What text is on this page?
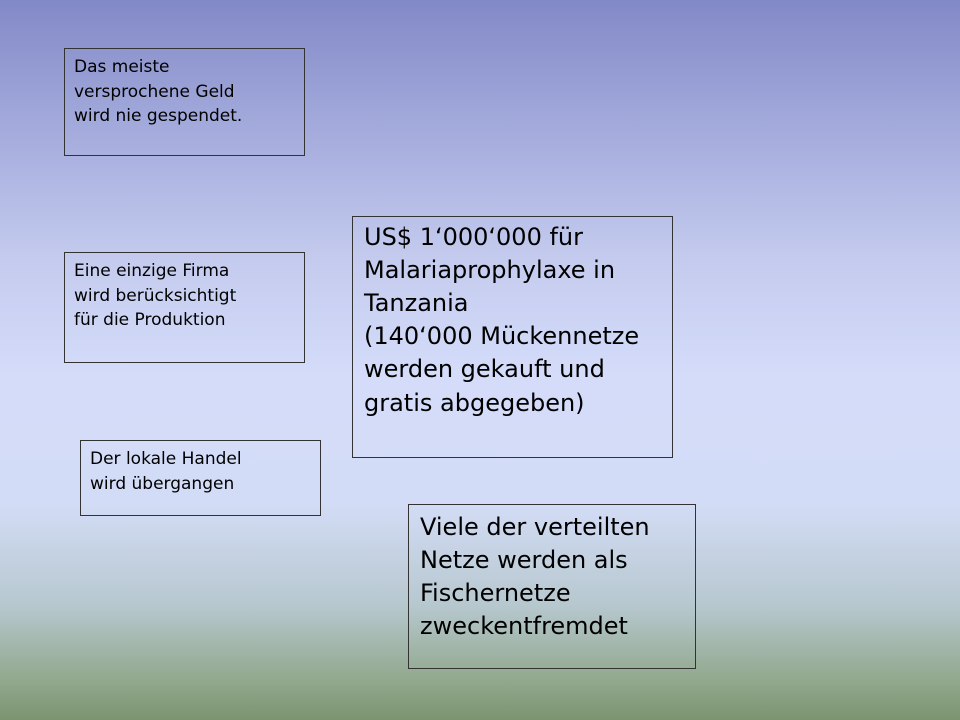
Das meiste
versprochene Geld
wird nie gespendet.
Eine einzige Firma
wird berücksichtigt
für die Produktion
Der lokale Handel
wird übergangen
US$ 1‘000‘000 für
Malariaprophylaxe in
Tanzania
(140‘000 Mückennetze
werden gekauft und
gratis abgegeben)
Viele der verteilten
Netze werden als
Fischernetze
zweckentfremdet
